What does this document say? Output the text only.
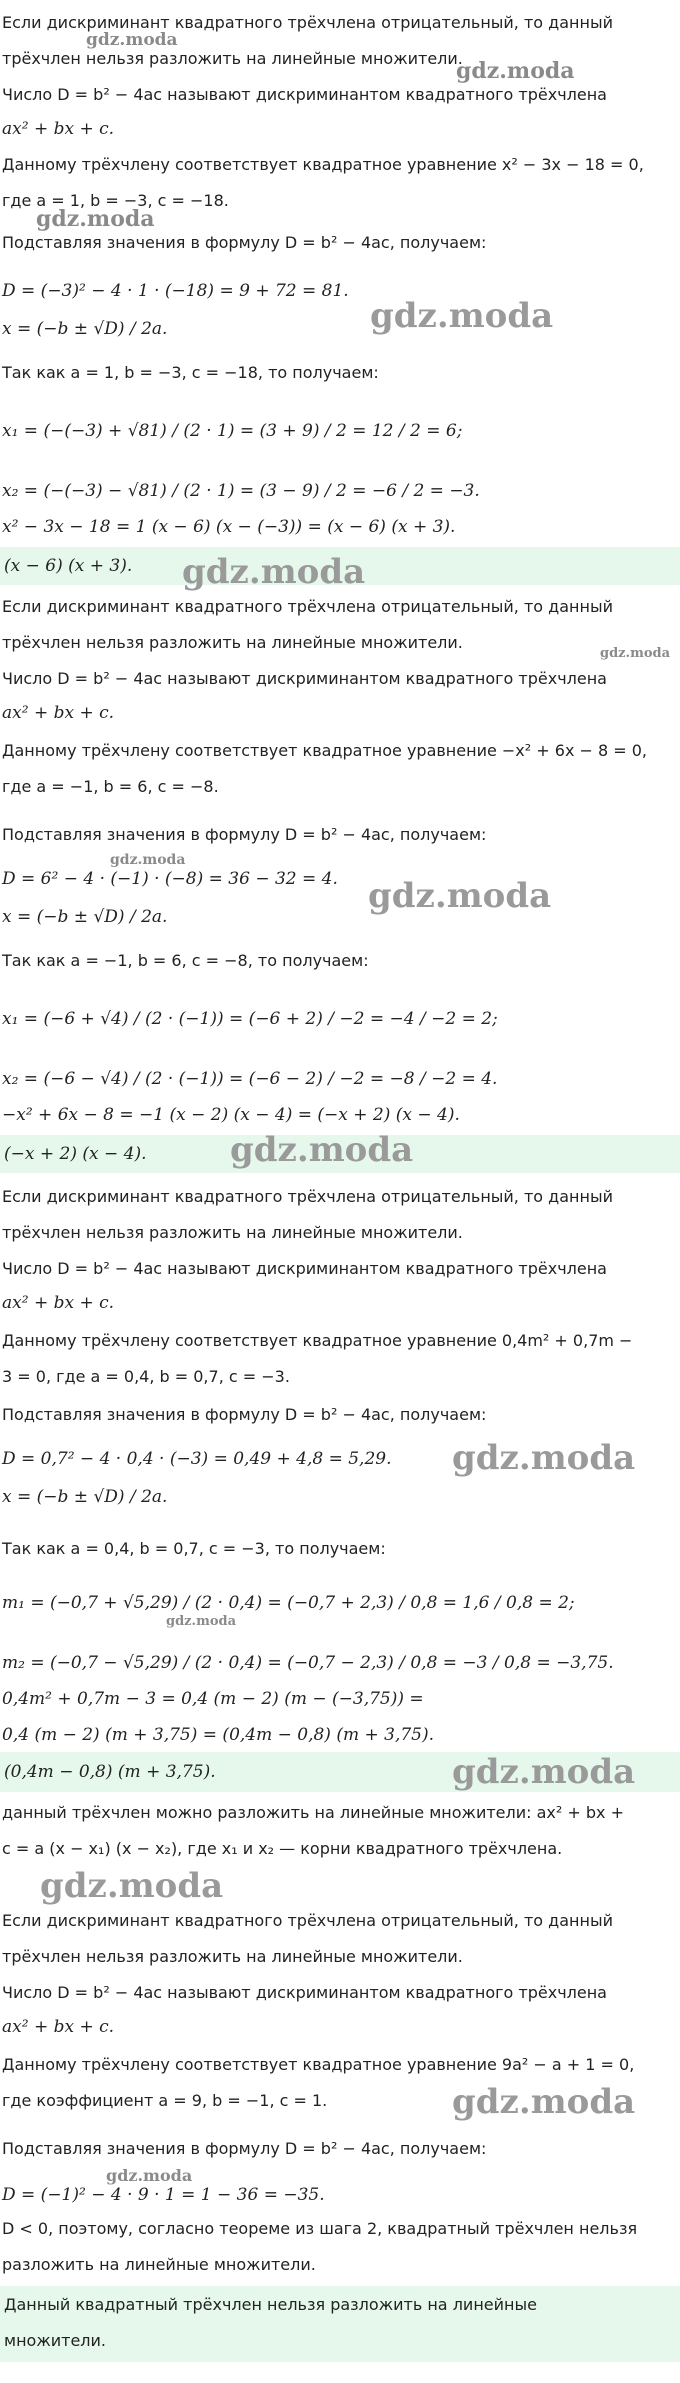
Если дискриминант квадратного трёхчлена отрицательный, то данный
трёхчлен нельзя разложить на линейные множители.
Число D = b² − 4ac называют дискриминантом квадратного трёхчлена
ax² + bx + c.
Данному трёхчлену соответствует квадратное уравнение x² − 3x − 18 = 0,
где a = 1, b = −3, c = −18.
Подставляя значения в формулу D = b² − 4ac, получаем:
D = (−3)² − 4 · 1 · (−18) = 9 + 72 = 81.
x = (−b ± √D) / 2a.
Так как a = 1, b = −3, c = −18, то получаем:
x₁ = (−(−3) + √81) / (2 · 1) = (3 + 9) / 2 = 12 / 2 = 6;
x₂ = (−(−3) − √81) / (2 · 1) = (3 − 9) / 2 = −6 / 2 = −3.
x² − 3x − 18 = 1 (x − 6) (x − (−3)) = (x − 6) (x + 3).
(x − 6) (x + 3).
Если дискриминант квадратного трёхчлена отрицательный, то данный
трёхчлен нельзя разложить на линейные множители.
Число D = b² − 4ac называют дискриминантом квадратного трёхчлена
ax² + bx + c.
Данному трёхчлену соответствует квадратное уравнение −x² + 6x − 8 = 0,
где a = −1, b = 6, c = −8.
Подставляя значения в формулу D = b² − 4ac, получаем:
D = 6² − 4 · (−1) · (−8) = 36 − 32 = 4.
x = (−b ± √D) / 2a.
Так как a = −1, b = 6, c = −8, то получаем:
x₁ = (−6 + √4) / (2 · (−1)) = (−6 + 2) / −2 = −4 / −2 = 2;
x₂ = (−6 − √4) / (2 · (−1)) = (−6 − 2) / −2 = −8 / −2 = 4.
−x² + 6x − 8 = −1 (x − 2) (x − 4) = (−x + 2) (x − 4).
(−x + 2) (x − 4).
Если дискриминант квадратного трёхчлена отрицательный, то данный
трёхчлен нельзя разложить на линейные множители.
Число D = b² − 4ac называют дискриминантом квадратного трёхчлена
ax² + bx + c.
Данному трёхчлену соответствует квадратное уравнение 0,4m² + 0,7m −
3 = 0, где a = 0,4, b = 0,7, c = −3.
Подставляя значения в формулу D = b² − 4ac, получаем:
D = 0,7² − 4 · 0,4 · (−3) = 0,49 + 4,8 = 5,29.
x = (−b ± √D) / 2a.
Так как a = 0,4, b = 0,7, c = −3, то получаем:
m₁ = (−0,7 + √5,29) / (2 · 0,4) = (−0,7 + 2,3) / 0,8 = 1,6 / 0,8 = 2;
m₂ = (−0,7 − √5,29) / (2 · 0,4) = (−0,7 − 2,3) / 0,8 = −3 / 0,8 = −3,75.
0,4m² + 0,7m − 3 = 0,4 (m − 2) (m − (−3,75)) =
0,4 (m − 2) (m + 3,75) = (0,4m − 0,8) (m + 3,75).
(0,4m − 0,8) (m + 3,75).
данный трёхчлен можно разложить на линейные множители: ax² + bx +
c = a (x − x₁) (x − x₂), где x₁ и x₂ — корни квадратного трёхчлена.
Если дискриминант квадратного трёхчлена отрицательный, то данный
трёхчлен нельзя разложить на линейные множители.
Число D = b² − 4ac называют дискриминантом квадратного трёхчлена
ax² + bx + c.
Данному трёхчлену соответствует квадратное уравнение 9a² − a + 1 = 0,
где коэффициент a = 9, b = −1, c = 1.
Подставляя значения в формулу D = b² − 4ac, получаем:
D = (−1)² − 4 · 9 · 1 = 1 − 36 = −35.
D < 0, поэтому, согласно теореме из шага 2, квадратный трёхчлен нельзя
разложить на линейные множители.
Данный квадратный трёхчлен нельзя разложить на линейные
множители.
gdz.moda
gdz.moda
gdz.moda
gdz.moda
gdz.moda
gdz.moda
gdz.moda
gdz.moda
gdz.moda
gdz.moda
gdz.moda
gdz.moda
gdz.moda
gdz.moda
gdz.moda
